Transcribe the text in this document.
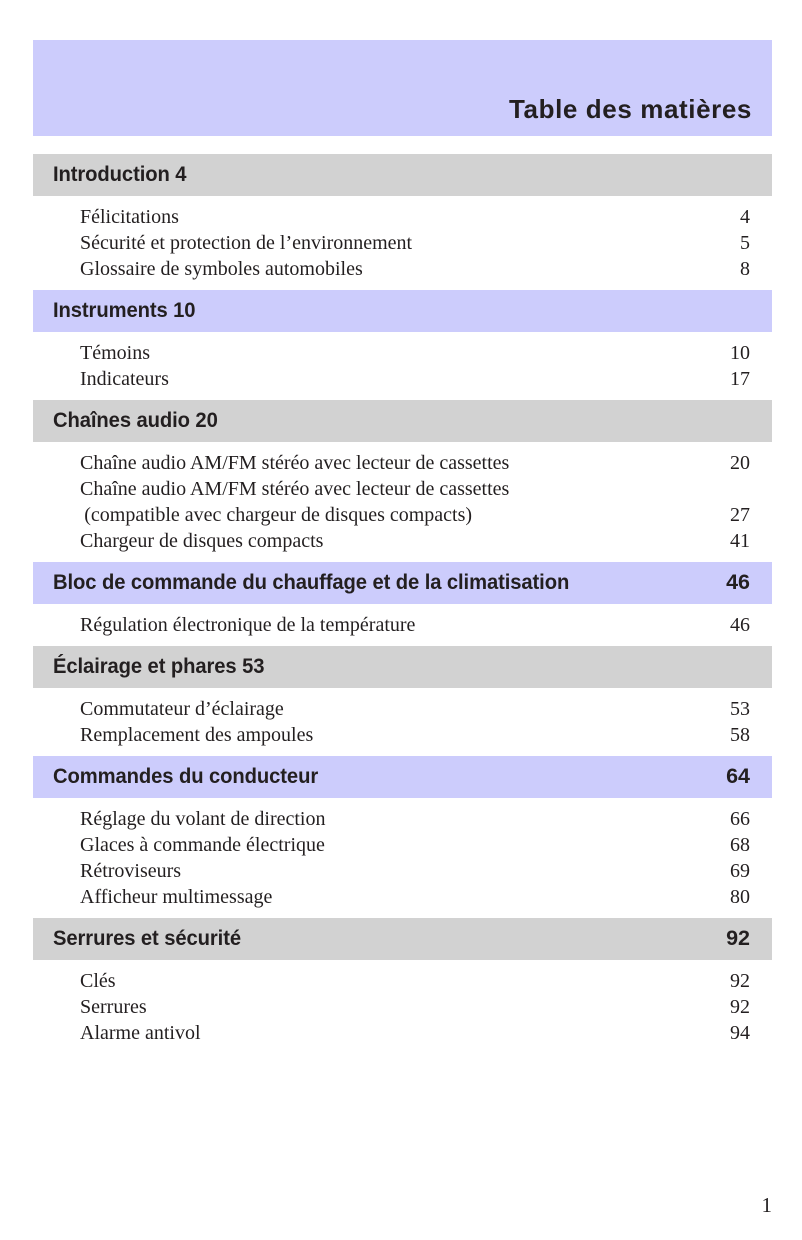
Table des matières
Introduction 4
Félicitations	4
Sécurité et protection de l’environnement	5
Glossaire de symboles automobiles	8
Instruments 10
Témoins	10
Indicateurs	17
Chaînes audio 20
Chaîne audio AM/FM stéréo avec lecteur de cassettes	20
Chaîne audio AM/FM stéréo avec lecteur de cassettes
(compatible avec chargeur de disques compacts)	27
Chargeur de disques compacts	41
Bloc de commande du chauffage et de la climatisation	46
Régulation électronique de la température	46
Éclairage et phares 53
Commutateur d’éclairage	53
Remplacement des ampoules	58
Commandes du conducteur	64
Réglage du volant de direction	66
Glaces à commande électrique	68
Rétroviseurs	69
Afficheur multimessage	80
Serrures et sécurité	92
Clés	92
Serrures	92
Alarme antivol	94
1
